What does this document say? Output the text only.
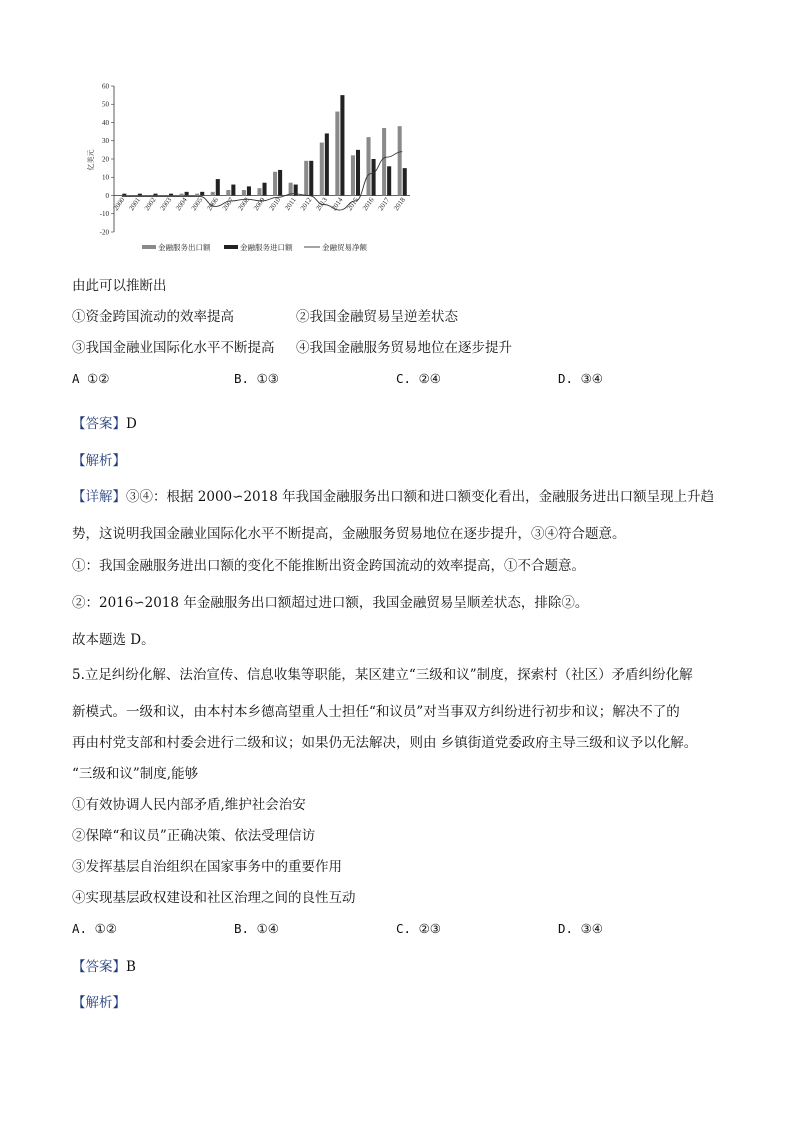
-20
-10
0
10
20
30
40
50
60
亿美元
2000 2001 2002 2003 2004 2005 2006 2007 2008 2009 2010 2011 2012 2013 2014 2015 2016 2017 2018
金融服务出口额	金融服务进口额	金融贸易净额
由此可以推断出
①资金跨国流动的效率提高	②我国金融贸易呈逆差状态
③我国金融业国际化水平不断提高 ④我国金融服务贸易地位在逐步提升
A ①②	B. ①③	C. ②④	D. ③④
【答案】D
【解析】
【详解】③④：根据 2000∽2018 年我国金融服务出口额和进口额变化看出，金融服务进出口额呈现上升趋
势，这说明我国金融业国际化水平不断提高，金融服务贸易地位在逐步提升，③④符合题意。
①：我国金融服务进出口额的变化不能推断出资金跨国流动的效率提高，①不合题意。
②：2016∽2018 年金融服务出口额超过进口额，我国金融贸易呈顺差状态，排除②。
故本题选 D。
5.立足纠纷化解、法治宣传、信息收集等职能，某区建立“三级和议”制度，探索村（社区）矛盾纠纷化解
新模式。一级和议，由本村本乡德高望重人士担任“和议员”对当事双方纠纷进行初步和议；解决不了的
再由村党支部和村委会进行二级和议；如果仍无法解决，则由 乡镇街道党委政府主导三级和议予以化解。
“三级和议”制度,能够
①有效协调人民内部矛盾,维护社会治安
②保障“和议员”正确决策、依法受理信访
③发挥基层自治组织在国家事务中的重要作用
④实现基层政权建设和社区治理之间的良性互动
A. ①②	B. ①④	C. ②③	D. ③④
【答案】B
【解析】
